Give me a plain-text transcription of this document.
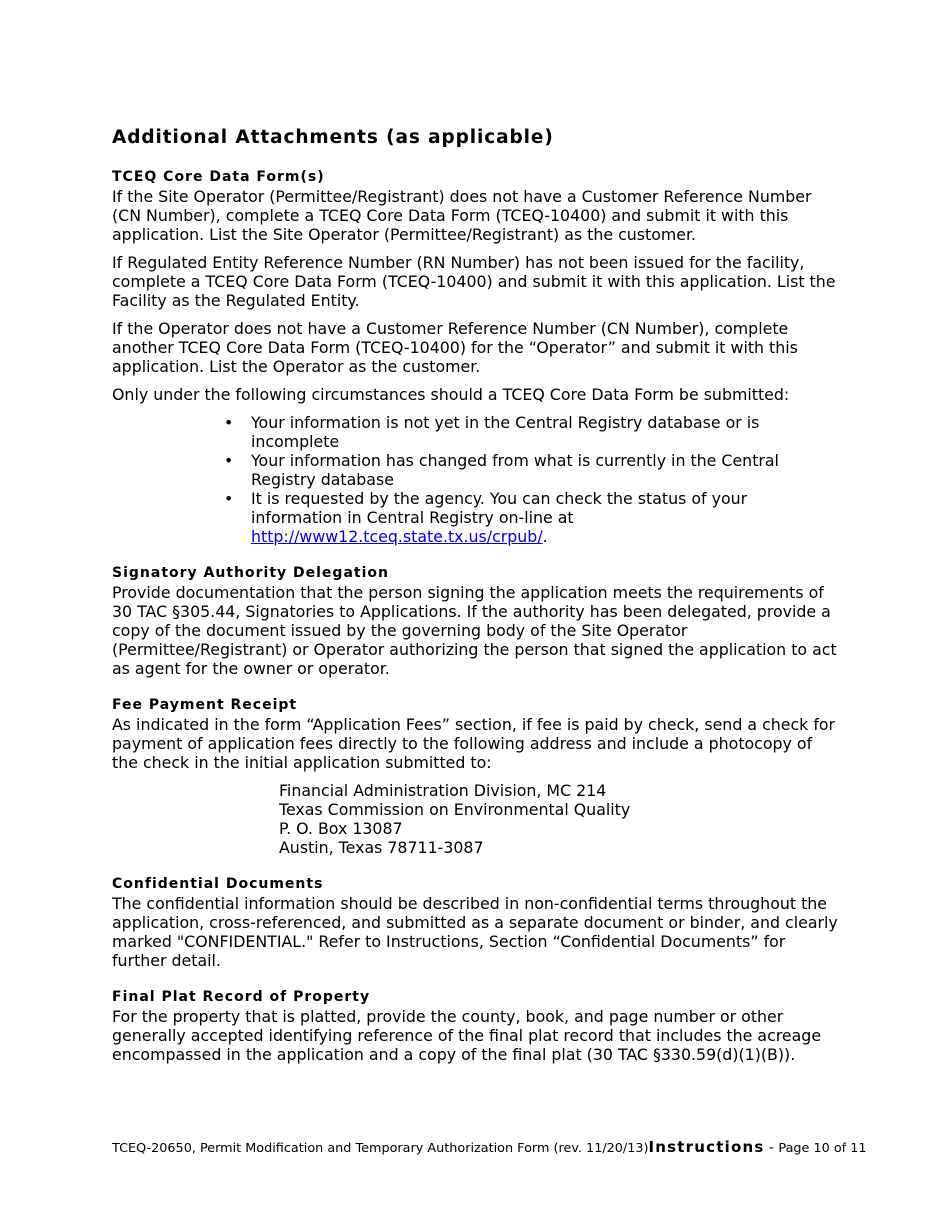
Additional Attachments (as applicable)
TCEQ Core Data Form(s)

If the Site Operator (Permittee/Registrant) does not have a Customer Reference Number (CN Number), complete a TCEQ Core Data Form (TCEQ-10400) and submit it with this application. List the Site Operator (Permittee/Registrant) as the customer.

If Regulated Entity Reference Number (RN Number) has not been issued for the facility, complete a TCEQ Core Data Form (TCEQ-10400) and submit it with this application. List the Facility as the Regulated Entity.

If the Operator does not have a Customer Reference Number (CN Number), complete another TCEQ Core Data Form (TCEQ-10400) for the “Operator” and submit it with this application. List the Operator as the customer.

Only under the following circumstances should a TCEQ Core Data Form be submitted:

• Your information is not yet in the Central Registry database or is incomplete
• Your information has changed from what is currently in the Central Registry database
• It is requested by the agency. You can check the status of your information in Central Registry on-line at
http://www12.tceq.state.tx.us/crpub/.
Signatory Authority Delegation

Provide documentation that the person signing the application meets the requirements of 30 TAC §305.44, Signatories to Applications. If the authority has been delegated, provide a copy of the document issued by the governing body of the Site Operator (Permittee/Registrant) or Operator authorizing the person that signed the application to act as agent for the owner or operator.

Fee Payment Receipt

As indicated in the form “Application Fees” section, if fee is paid by check, send a check for payment of application fees directly to the following address and include a photocopy of the check in the initial application submitted to:

Financial Administration Division, MC 214
Texas Commission on Environmental Quality
P. O. Box 13087
Austin, Texas 78711-3087
Confidential Documents

The confidential information should be described in non-confidential terms throughout the application, cross-referenced, and submitted as a separate document or binder, and clearly marked "CONFIDENTIAL." Refer to Instructions, Section “Confidential Documents” for further detail.

Final Plat Record of Property

For the property that is platted, provide the county, book, and page number or other generally accepted identifying reference of the final plat record that includes the acreage encompassed in the application and a copy of the final plat (30 TAC §330.59(d)(1)(B)).

TCEQ-20650, Permit Modification and Temporary Authorization Form (rev. 11/20/13)Instructions - Page 10 of 11
